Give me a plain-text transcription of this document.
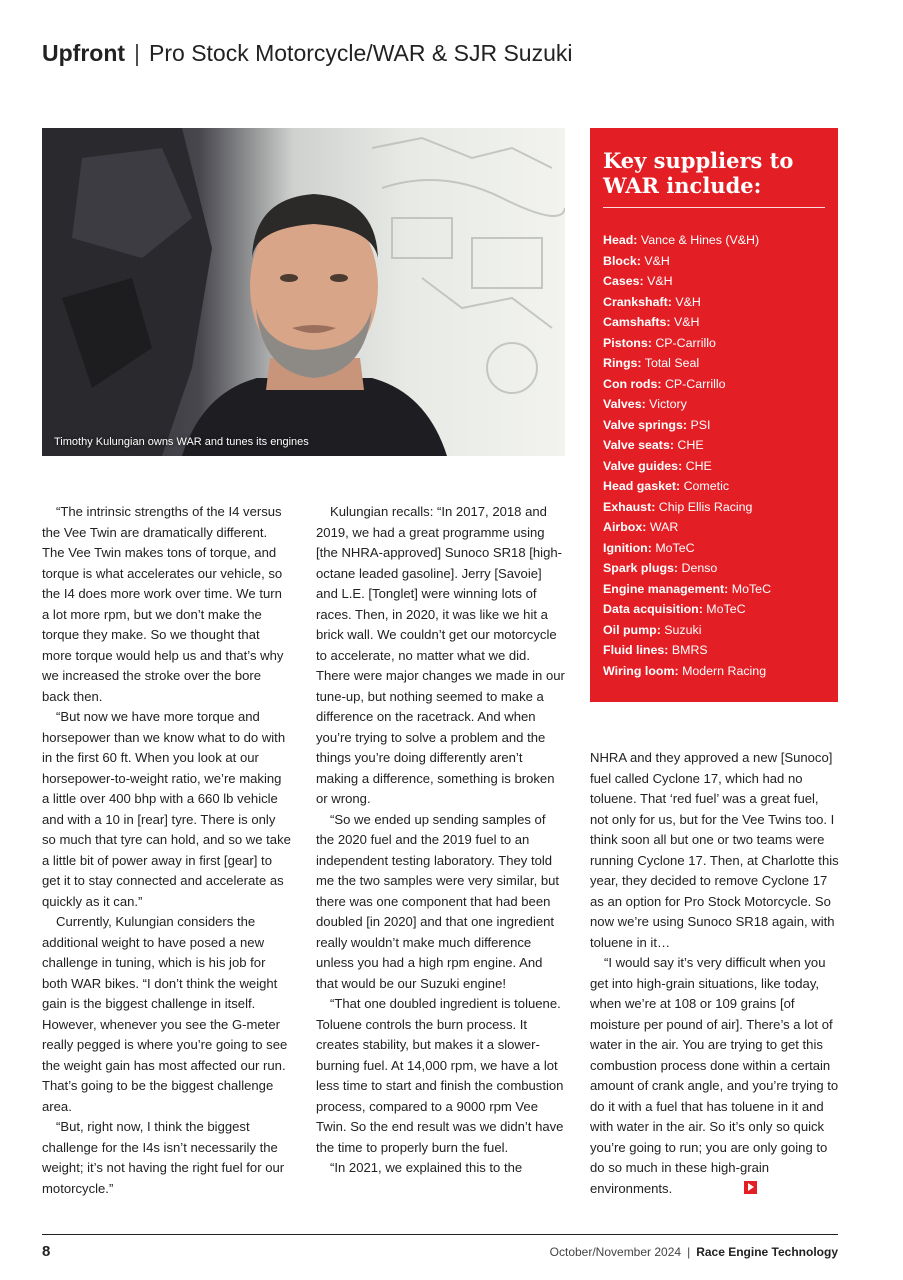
Upfront | Pro Stock Motorcycle/WAR & SJR Suzuki
Timothy Kulungian owns WAR and tunes its engines
Key suppliers to
WAR include:
Head: Vance & Hines (V&H)
Block: V&H
Cases: V&H
Crankshaft: V&H
Camshafts: V&H
Pistons: CP-Carrillo
Rings: Total Seal
Con rods: CP-Carrillo
Valves: Victory
Valve springs: PSI
Valve seats: CHE
Valve guides: CHE
Head gasket: Cometic
Exhaust: Chip Ellis Racing
Airbox: WAR
Ignition: MoTeC
Spark plugs: Denso
Engine management: MoTeC
Data acquisition: MoTeC
Oil pump: Suzuki
Fluid lines: BMRS
Wiring loom: Modern Racing

“The intrinsic strengths of the I4 versus the Vee Twin are dramatically different. The Vee Twin makes tons of torque, and torque is what accelerates our vehicle, so the I4 does more work over time. We turn a lot more rpm, but we don’t make the torque they make. So we thought that more torque would help us and that’s why we increased the stroke over the bore back then.

“But now we have more torque and horsepower than we know what to do with in the first 60 ft. When you look at our horsepower-to-weight ratio, we’re making a little over 400 bhp with a 660 lb vehicle and with a 10 in [rear] tyre. There is only so much that tyre can hold, and so we take a little bit of power away in first [gear] to get it to stay connected and accelerate as quickly as it can.”

Currently, Kulungian considers the additional weight to have posed a new challenge in tuning, which is his job for both WAR bikes. “I don’t think the weight gain is the biggest challenge in itself. However, whenever you see the G-meter really pegged is where you’re going to see the weight gain has most affected our run. That’s going to be the biggest challenge area.

“But, right now, I think the biggest challenge for the I4s isn’t necessarily the weight; it’s not having the right fuel for our motorcycle.”

Kulungian recalls: “In 2017, 2018 and 2019, we had a great programme using [the NHRA-approved] Sunoco SR18 [high-octane leaded gasoline]. Jerry [Savoie] and L.E. [Tonglet] were winning lots of races. Then, in 2020, it was like we hit a brick wall. We couldn’t get our motorcycle to accelerate, no matter what we did. There were major changes we made in our tune-up, but nothing seemed to make a difference on the racetrack. And when you’re trying to solve a problem and the things you’re doing differently aren’t making a difference, something is broken or wrong.

“So we ended up sending samples of the 2020 fuel and the 2019 fuel to an independent testing laboratory. They told me the two samples were very similar, but there was one component that had been doubled [in 2020] and that one ingredient really wouldn’t make much difference unless you had a high rpm engine. And that would be our Suzuki engine!

“That one doubled ingredient is toluene. Toluene controls the burn process. It creates stability, but makes it a slower-burning fuel. At 14,000 rpm, we have a lot less time to start and finish the combustion process, compared to a 9000 rpm Vee Twin. So the end result was we didn’t have the time to properly burn the fuel.

“In 2021, we explained this to the

NHRA and they approved a new [Sunoco] fuel called Cyclone 17, which had no toluene. That ‘red fuel’ was a great fuel, not only for us, but for the Vee Twins too. I think soon all but one or two teams were running Cyclone 17. Then, at Charlotte this year, they decided to remove Cyclone 17 as an option for Pro Stock Motorcycle. So now we’re using Sunoco SR18 again, with toluene in it…

“I would say it’s very difficult when you get into high-grain situations, like today, when we’re at 108 or 109 grains [of moisture per pound of air]. There’s a lot of water in the air. You are trying to get this combustion process done within a certain amount of crank angle, and you’re trying to do it with a fuel that has toluene in it and with water in the air. So it’s only so quick you’re going to run; you are only going to do so much in these high-grain environments.

8	October/November 2024 | Race Engine Technology
